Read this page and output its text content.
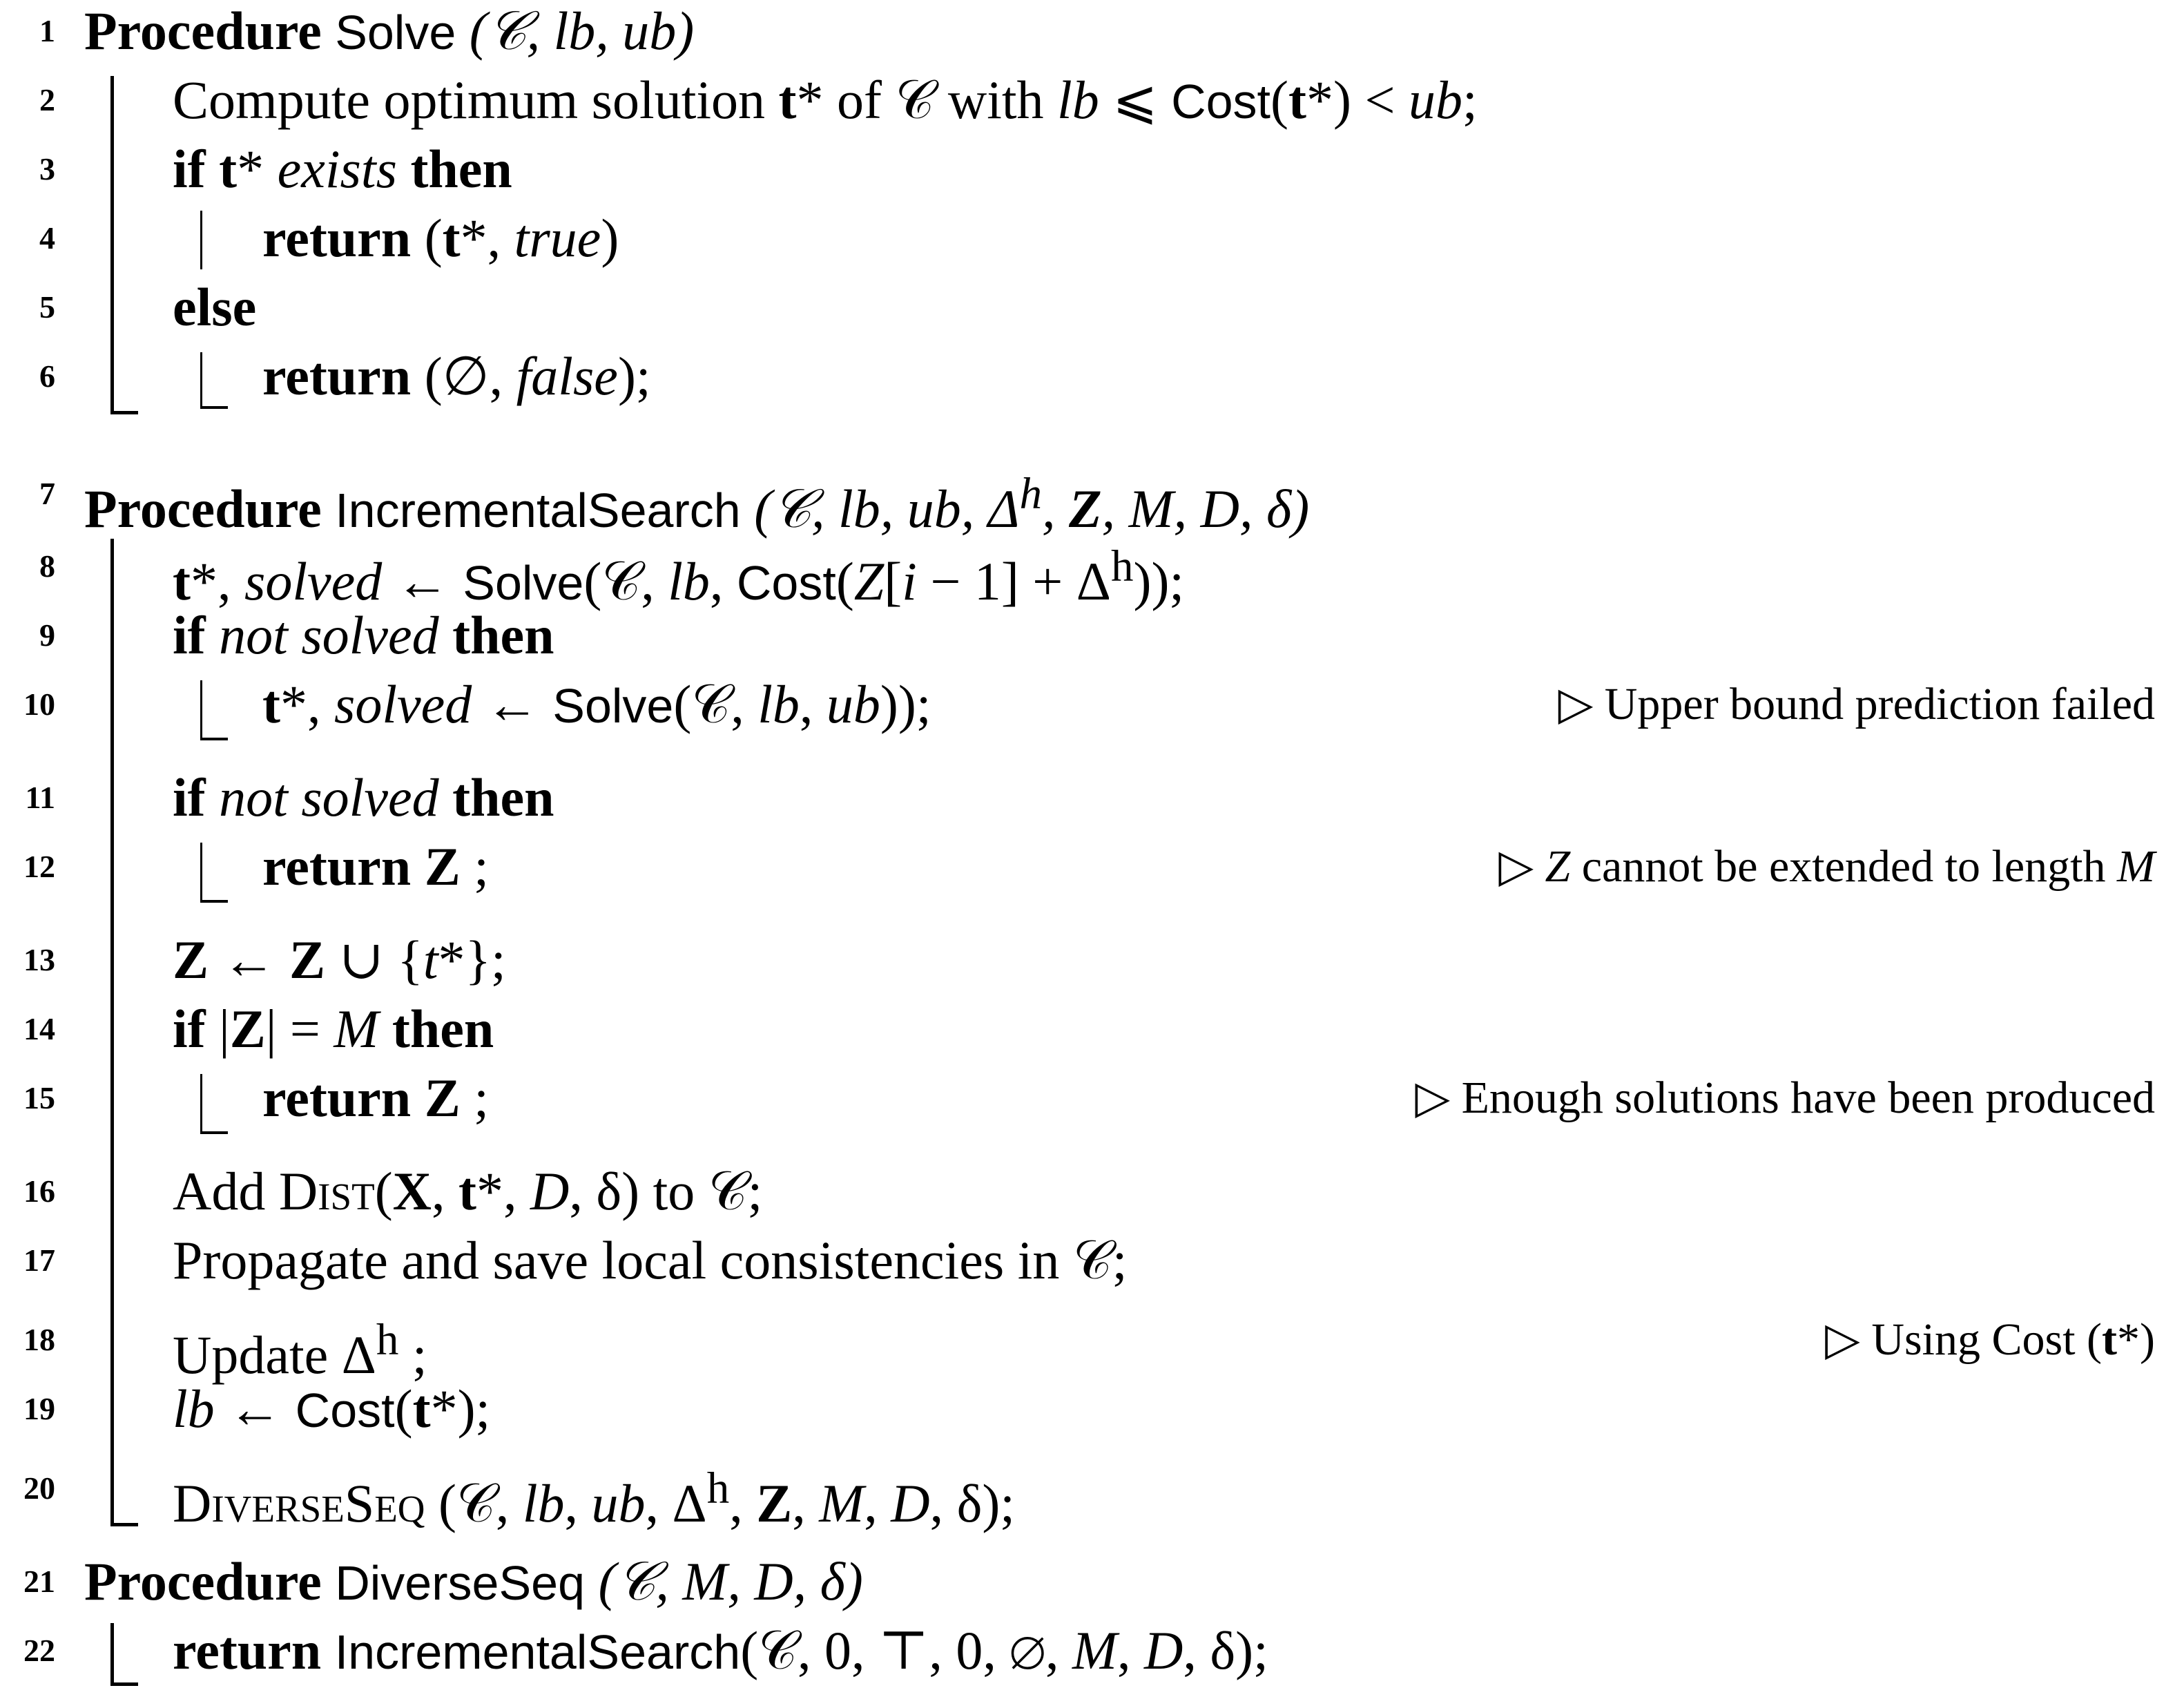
1 Procedure Solve (𝒞, lb, ub)
2 Compute optimum solution t* of 𝒞 with lb ⩽ Cost(t*) < ub;
3 if t* exists then
4	return (t*, true)
5 else
6	return (∅, false);
7 Procedure IncrementalSearch (𝒞, lb, ub, $\Delta^h$, Z, M, D, δ)
8 t*, solved ← Solve(𝒞, lb, Cost(Z[i − $1] + \Delta^h$));
9 if not solved then
10	t*, solved ← Solve(𝒞, lb, ub));	▷ Upper bound prediction failed
11 if not solved then
12	return Z ;	▷ Z cannot be extended to length M
13 Z ← Z ∪ {t*};
14 if |Z| = M then
15	return Z ;	▷ Enough solutions have been produced
16 Add Dist(X, t*, D, δ) to 𝒞;
17 Propagate and save local consistencies in 𝒞;
18 Update $\Delta^h$ ;	▷ Using Cost (t*)
19 lb ← Cost(t*);
20 DiverseSeq (𝒞, lb, ub, $\Delta^h$, Z, M, D, δ);
21 Procedure DiverseSeq (𝒞, M, D, δ)
22 return IncrementalSearch(𝒞, 0, ⊤, 0, ∅, M, D, δ);
